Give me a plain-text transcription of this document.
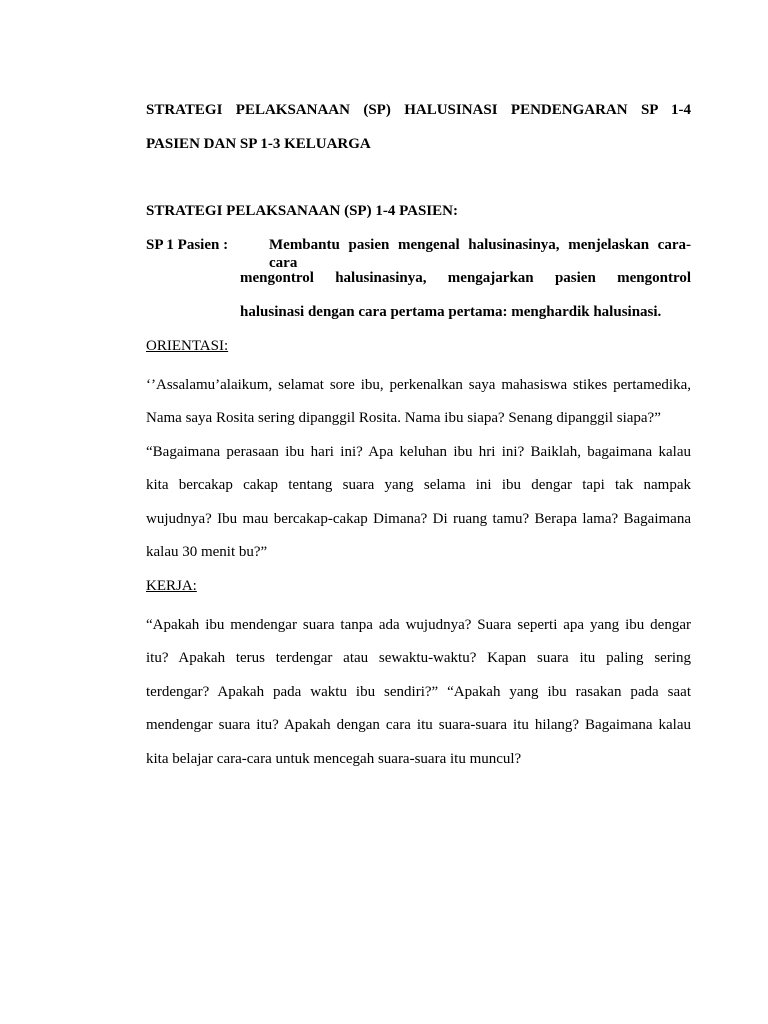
STRATEGI PELAKSANAAN (SP) HALUSINASI PENDENGARAN SP 1-4
PASIEN DAN SP 1-3 KELUARGA
STRATEGI PELAKSANAAN (SP) 1-4 PASIEN:
SP 1 Pasien :	Membantu pasien mengenal halusinasinya, menjelaskan cara- cara
mengontrol halusinasinya, mengajarkan pasien mengontrol
halusinasi dengan cara pertama pertama: menghardik halusinasi.
ORIENTASI:
‘’Assalamu’alaikum, selamat sore ibu, perkenalkan saya mahasiswa stikes pertamedika,
Nama saya Rosita sering dipanggil Rosita. Nama ibu siapa? Senang dipanggil siapa?”
“Bagaimana perasaan ibu hari ini? Apa keluhan ibu hri ini? Baiklah, bagaimana kalau
kita bercakap cakap tentang suara yang selama ini ibu dengar tapi tak nampak
wujudnya? Ibu mau bercakap-cakap Dimana? Di ruang tamu? Berapa lama? Bagaimana
kalau 30 menit bu?”
KERJA:
“Apakah ibu mendengar suara tanpa ada wujudnya? Suara seperti apa yang ibu dengar
itu? Apakah terus terdengar atau sewaktu-waktu? Kapan suara itu paling sering
terdengar? Apakah pada waktu ibu sendiri?” “Apakah yang ibu rasakan pada saat
mendengar suara itu? Apakah dengan cara itu suara-suara itu hilang? Bagaimana kalau
kita belajar cara-cara untuk mencegah suara-suara itu muncul?
